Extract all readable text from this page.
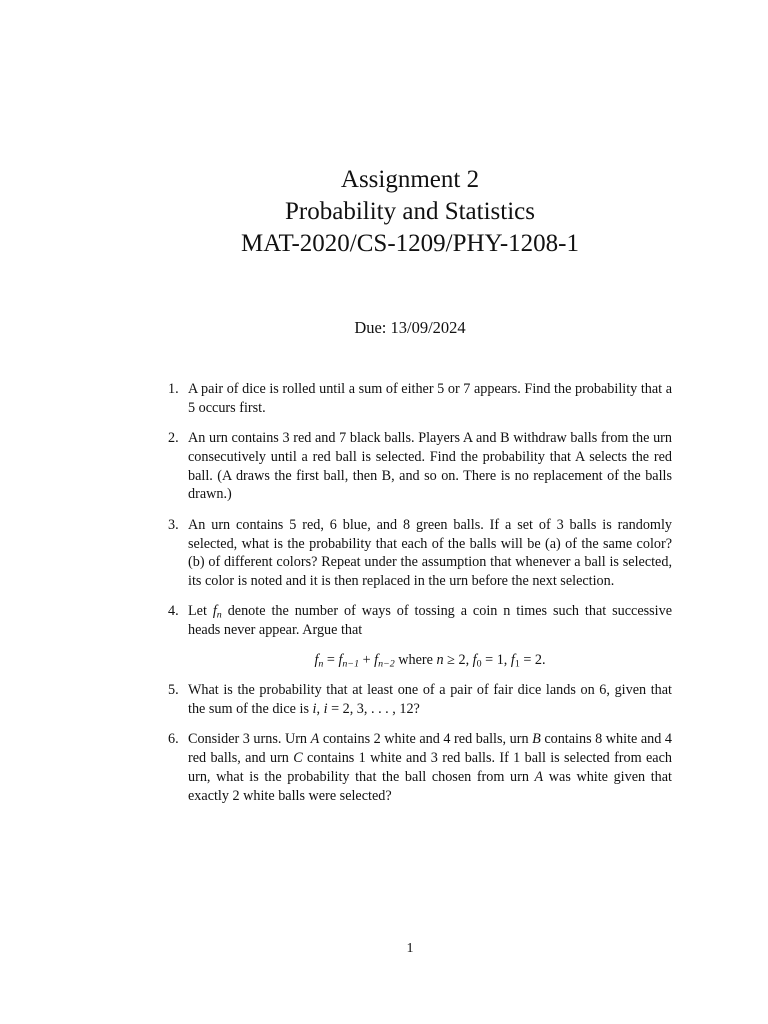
Assignment 2
Probability and Statistics
MAT-2020/CS-1209/PHY-1208-1
Due: 13/09/2024
1. A pair of dice is rolled until a sum of either 5 or 7 appears. Find the probability that a 5 occurs first.
2. An urn contains 3 red and 7 black balls. Players A and B withdraw balls from the urn consecutively until a red ball is selected. Find the probability that A selects the red ball. (A draws the first ball, then B, and so on. There is no replacement of the balls drawn.)
3. An urn contains 5 red, 6 blue, and 8 green balls. If a set of 3 balls is randomly selected, what is the probability that each of the balls will be (a) of the same color? (b) of different colors? Repeat under the assumption that whenever a ball is selected, its color is noted and it is then replaced in the urn before the next selection.
4. Let $f_n$ denote the number of ways of tossing a coin n times such that successive heads never appear. Argue that
$f_n = f_{n-1} + f_{n-2}$ where n ≥ 2, $f_0 = 1$, $f_1 = 2$.
5. What is the probability that at least one of a pair of fair dice lands on 6, given that the sum of the dice is i, i = 2, 3, . . . , 12?
6. Consider 3 urns. Urn A contains 2 white and 4 red balls, urn B contains 8 white and 4 red balls, and urn C contains 1 white and 3 red balls. If 1 ball is selected from each urn, what is the probability that the ball chosen from urn A was white given that exactly 2 white balls were selected?
1
